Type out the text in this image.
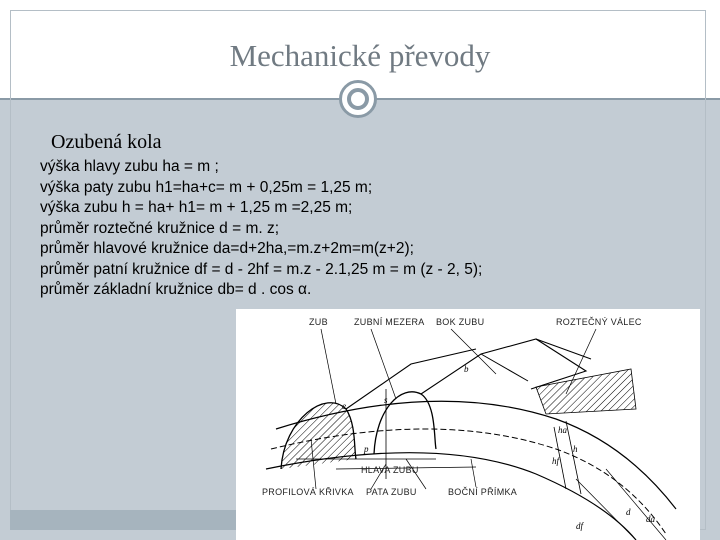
Mechanické převody
Ozubená kola
výška hlavy zubu ha = m ;
výška paty zubu h1=ha+c= m + 0,25m = 1,25 m;
výška zubu h = ha+ h1= m + 1,25 m =2,25 m;
průměr roztečné kružnice d = m. z;
průměr hlavové kružnice da=d+2ha,=m.z+2m=m(z+2);
průměr patní kružnice df = d - 2hf = m.z - 2.1,25 m = m (z - 2, 5);
průměr základní kružnice db= d . cos α.
ZUB	ZUBNÍ MEZERA BOK ZUBU	ROZTEČNÝ VÁLEC
HLAVA ZUBU
PATA ZUBU
PROFILOVÁ KŘIVKA	BOČNÍ PŘÍMKA
e
s
p
b
h
ha
hf
df
da
d
